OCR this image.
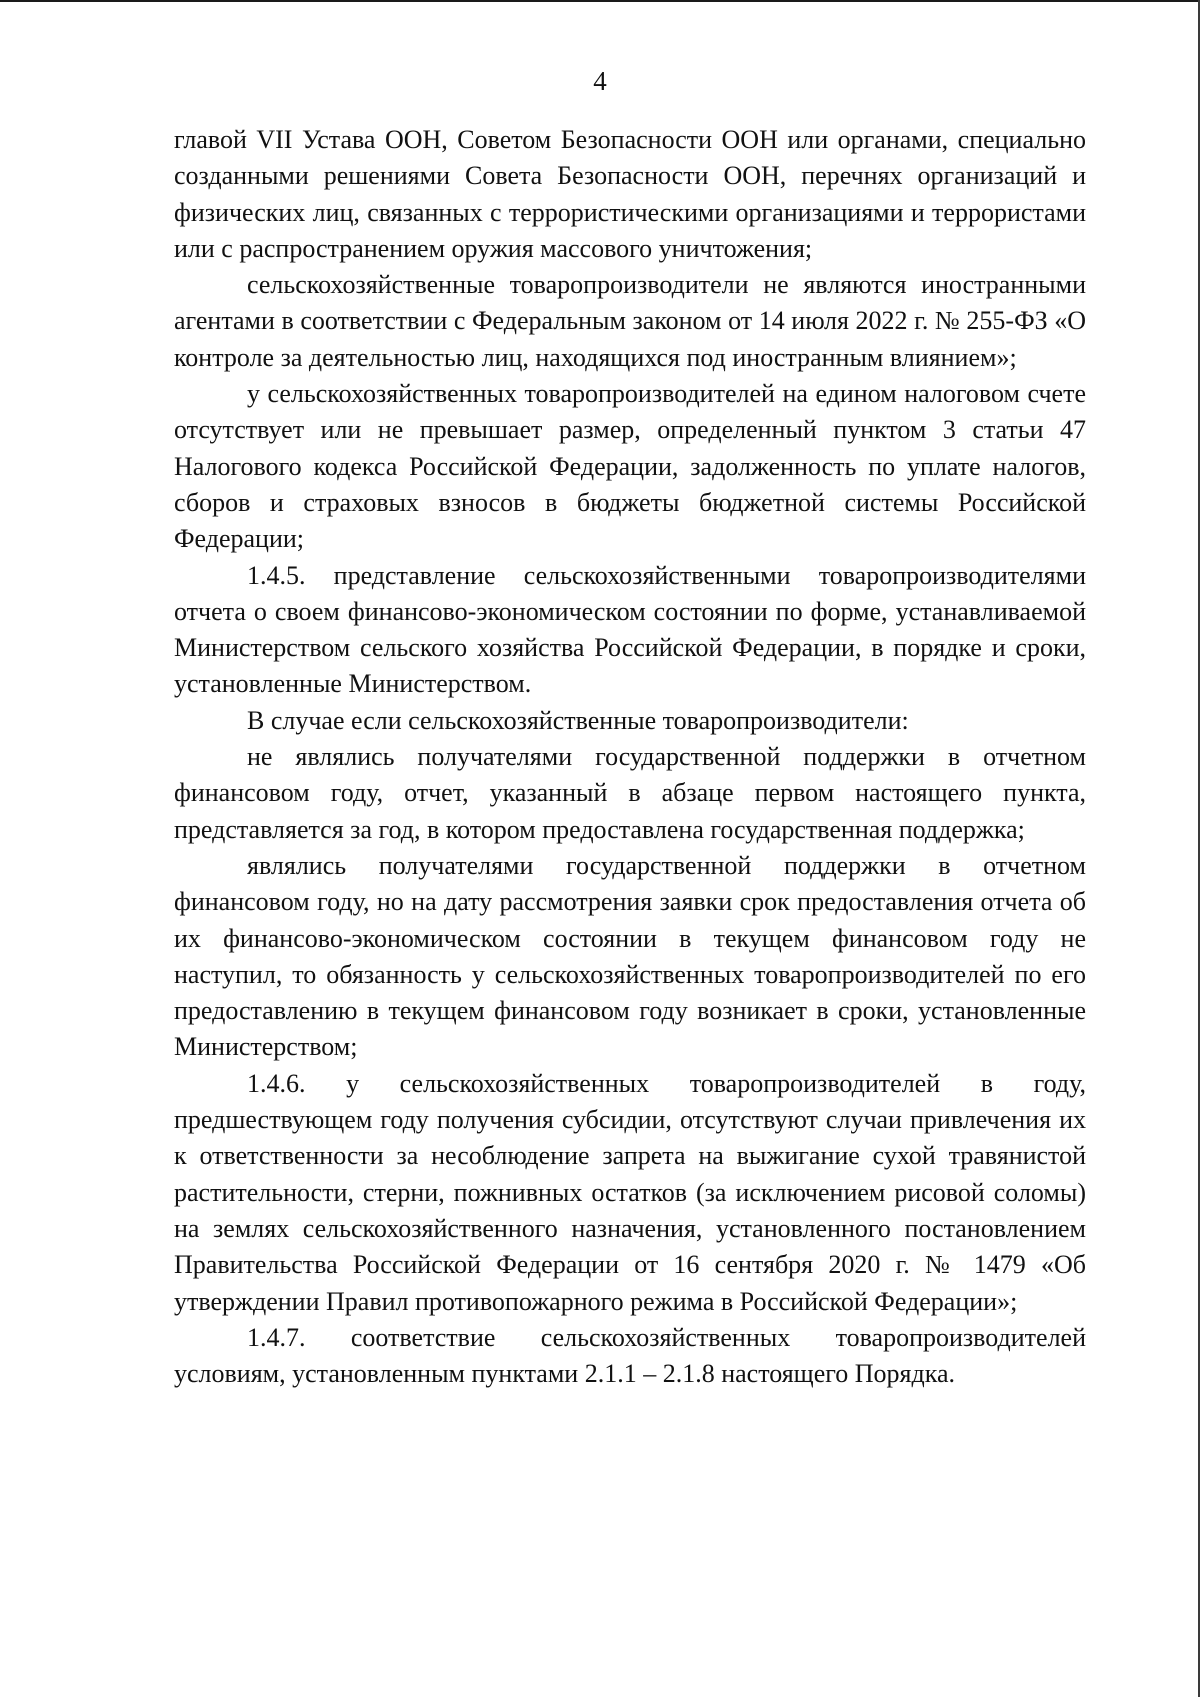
4

главой VII Устава ООН, Советом Безопасности ООН или органами, специально созданными решениями Совета Безопасности ООН, перечнях организаций и физических лиц, связанных с террористическими организациями и террористами или с распространением оружия массового уничтожения;

сельскохозяйственные товаропроизводители не являются иностранными агентами в соответствии с Федеральным законом от 14 июля 2022 г. № 255-ФЗ «О контроле за деятельностью лиц, находящихся под иностранным влиянием»;

у сельскохозяйственных товаропроизводителей на едином налоговом счете отсутствует или не превышает размер, определенный пунктом 3 статьи 47 Налогового кодекса Российской Федерации, задолженность по уплате налогов, сборов и страховых взносов в бюджеты бюджетной системы Российской Федерации;

1.4.5. представление сельскохозяйственными товаропроизводителями отчета о своем финансово-экономическом состоянии по форме, устанавливаемой Министерством сельского хозяйства Российской Федерации, в порядке и сроки, установленные Министерством.

В случае если сельскохозяйственные товаропроизводители:

не являлись получателями государственной поддержки в отчетном финансовом году, отчет, указанный в абзаце первом настоящего пункта, представляется за год, в котором предоставлена государственная поддержка;

являлись получателями государственной поддержки в отчетном финансовом году, но на дату рассмотрения заявки срок предоставления отчета об их финансово-экономическом состоянии в текущем финансовом году не наступил, то обязанность у сельскохозяйственных товаропроизводителей по его предоставлению в текущем финансовом году возникает в сроки, установленные Министерством;

1.4.6. у сельскохозяйственных товаропроизводителей в году, предшествующем году получения субсидии, отсутствуют случаи привлечения их к ответственности за несоблюдение запрета на выжигание сухой травянистой растительности, стерни, пожнивных остатков (за исключением рисовой соломы) на землях сельскохозяйственного назначения, установленного постановлением Правительства Российской Федерации от 16 сентября 2020 г. № 1479 «Об утверждении Правил противопожарного режима в Российской Федерации»;

1.4.7. соответствие сельскохозяйственных товаропроизводителей условиям, установленным пунктами 2.1.1 – 2.1.8 настоящего Порядка.
